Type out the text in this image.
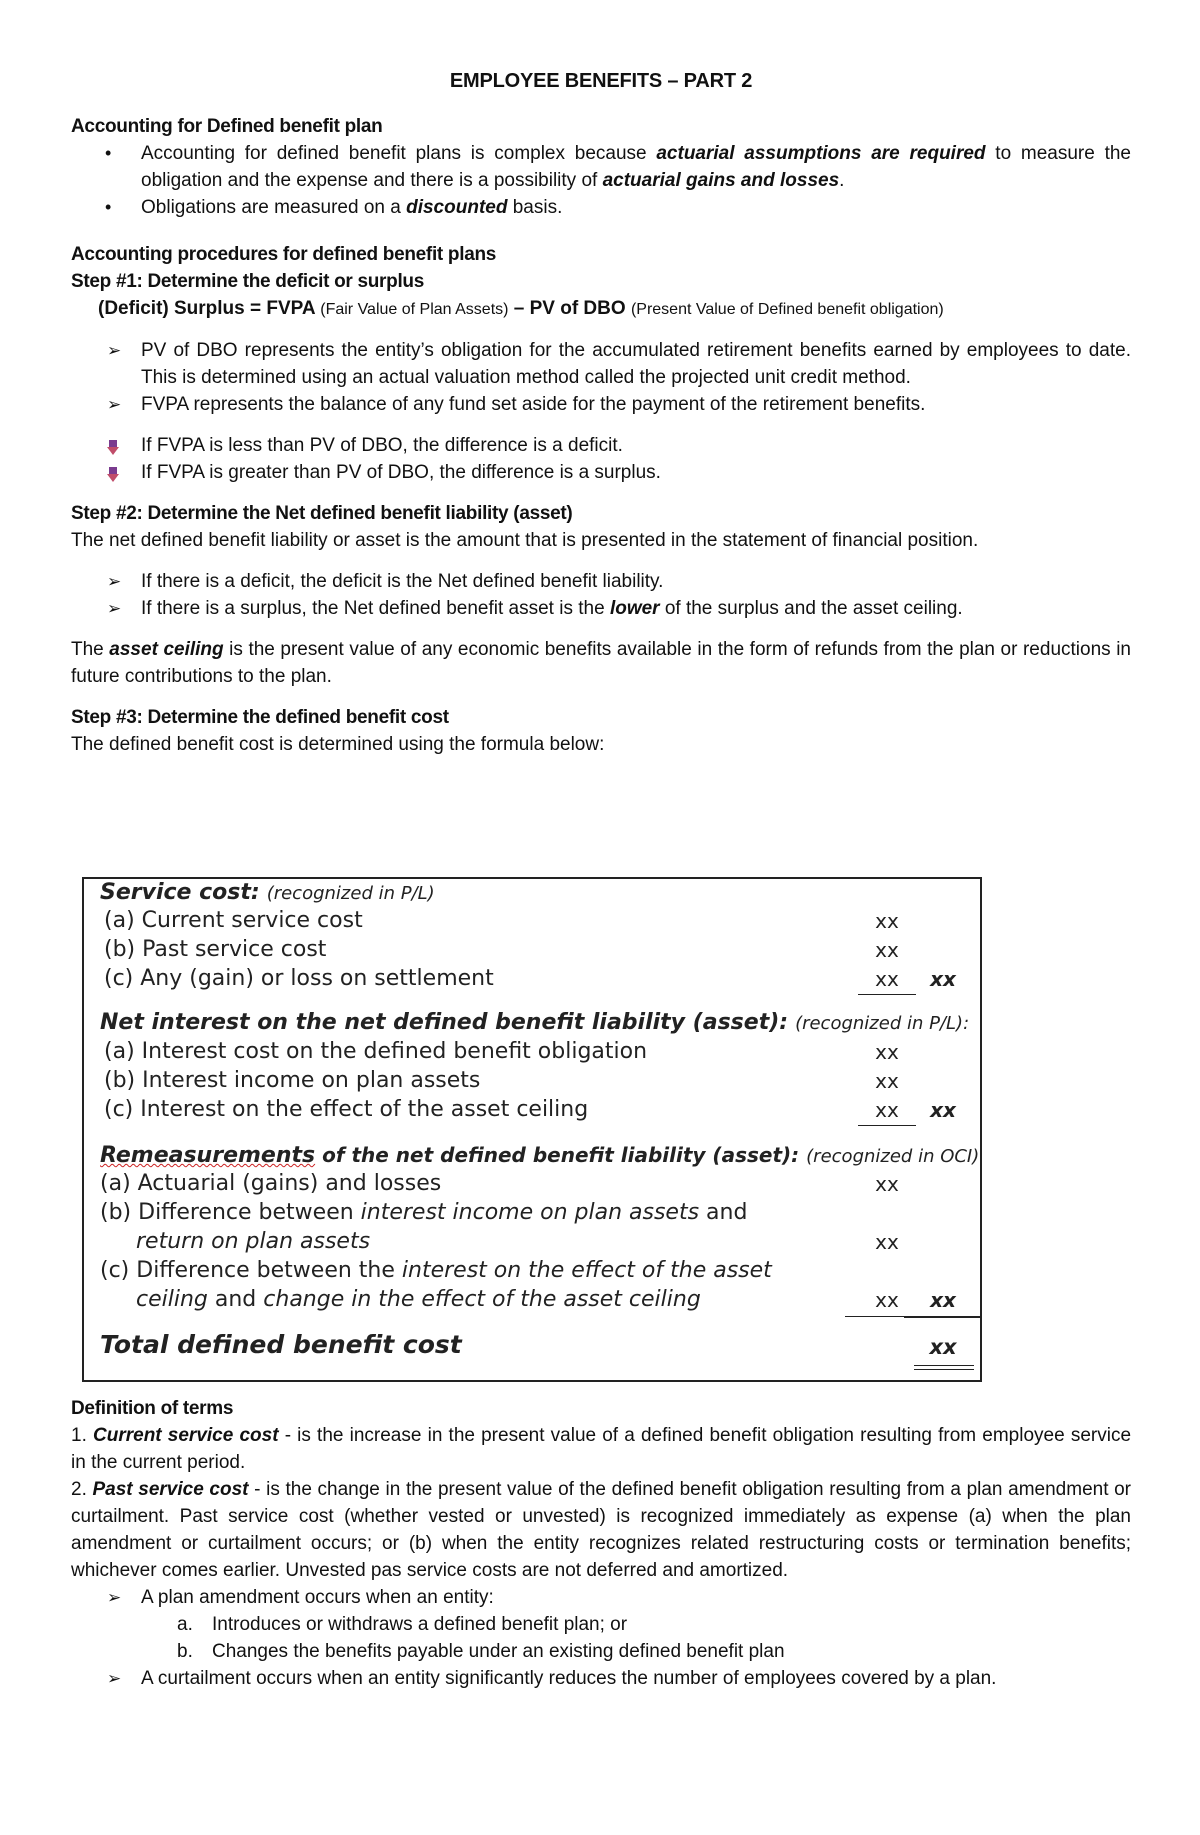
EMPLOYEE BENEFITS – PART 2

Accounting for Defined benefit plan

•	Accounting for defined benefit plans is complex because actuarial assumptions are required to measure the obligation and the expense and there is a possibility of actuarial gains and losses.
•	Obligations are measured on a discounted basis.

Accounting procedures for defined benefit plans

Step #1: Determine the deficit or surplus

(Deficit) Surplus = FVPA (Fair Value of Plan Assets) – PV of DBO (Present Value of Defined benefit obligation)

➢	PV of DBO represents the entity’s obligation for the accumulated retirement benefits earned by employees to date. This is determined using an actual valuation method called the projected unit credit method.
➢	FVPA represents the balance of any fund set aside for the payment of the retirement benefits.
If FVPA is less than PV of DBO, the difference is a deficit.
If FVPA is greater than PV of DBO, the difference is a surplus.

Step #2: Determine the Net defined benefit liability (asset)

The net defined benefit liability or asset is the amount that is presented in the statement of financial position.

➢	If there is a deficit, the deficit is the Net defined benefit liability.
➢	If there is a surplus, the Net defined benefit asset is the lower of the surplus and the asset ceiling.

The asset ceiling is the present value of any economic benefits available in the form of refunds from the plan or reductions in future contributions to the plan.

Step #3: Determine the defined benefit cost

The defined benefit cost is determined using the formula below:

Service cost: (recognized in P/L)
(a) Current service cost	xx
(b) Past service cost	xx
(c) Any (gain) or loss on settlement	xx	xx
Net interest on the net defined benefit liability (asset): (recognized in P/L):
(a) Interest cost on the defined benefit obligation	xx
(b) Interest income on plan assets	xx
(c) Interest on the effect of the asset ceiling	xx	xx
Remeasurements of the net defined benefit liability (asset): (recognized in OCI)
(a) Actuarial (gains) and losses	xx
(b) Difference between interest income on plan assets and
return on plan assets	xx
(c) Difference between the interest on the effect of the asset
ceiling and change in the effect of the asset ceiling	xx	xx
Total defined benefit cost	xx

Definition of terms

1. Current service cost - is the increase in the present value of a defined benefit obligation resulting from employee service in the current period.

2. Past service cost - is the change in the present value of the defined benefit obligation resulting from a plan amendment or curtailment. Past service cost (whether vested or unvested) is recognized immediately as expense (a) when the plan amendment or curtailment occurs; or (b) when the entity recognizes related restructuring costs or termination benefits; whichever comes earlier. Unvested pas service costs are not deferred and amortized.

➢	A plan amendment occurs when an entity:
a. Introduces or withdraws a defined benefit plan; or
b. Changes the benefits payable under an existing defined benefit plan
➢	A curtailment occurs when an entity significantly reduces the number of employees covered by a plan.
